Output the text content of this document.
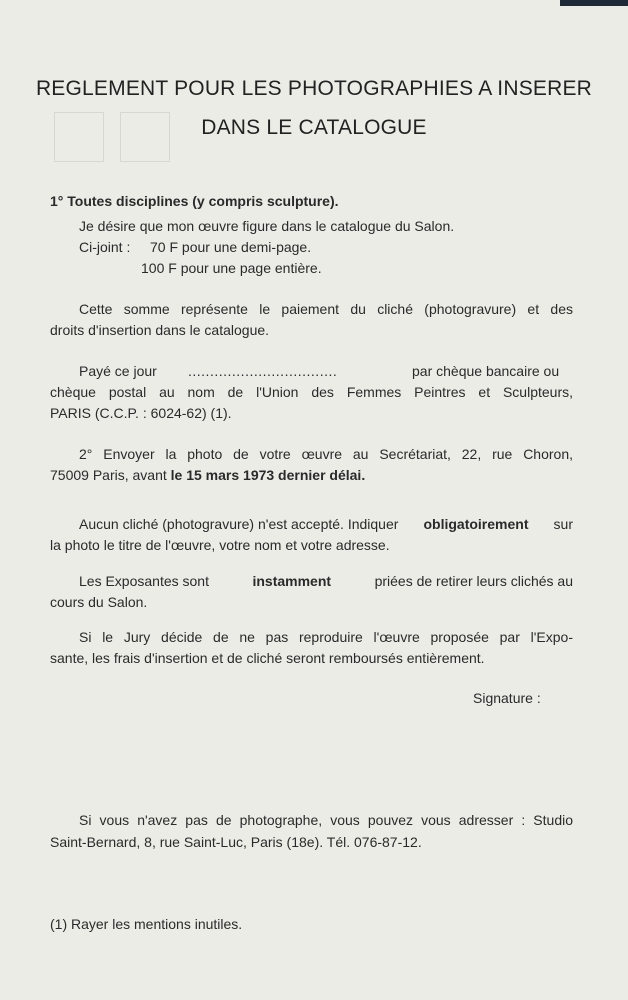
REGLEMENT POUR LES PHOTOGRAPHIES A INSERER
DANS LE CATALOGUE
1° Toutes disciplines (y compris sculpture).
Je désire que mon œuvre figure dans le catalogue du Salon.
Ci-joint : 70 F pour une demi-page.
100 F pour une page entière.
Cette somme représente le paiement du cliché (photogravure) et des
droits d'insertion dans le catalogue.
Payé ce jour ..................................	par chèque bancaire ou
chèque postal au nom de l'Union des Femmes Peintres et Sculpteurs,
PARIS (C.C.P. : 6024-62) (1).
2° Envoyer la photo de votre œuvre au Secrétariat, 22, rue Choron,
75009 Paris, avant le 15 mars 1973 dernier délai.
Aucun cliché (photogravure) n'est accepté. Indiquer obligatoirement sur
la photo le titre de l'œuvre, votre nom et votre adresse.
Les Exposantes sont	instamment	priées de retirer leurs clichés au
cours du Salon.
Si le Jury décide de ne pas reproduire l'œuvre proposée par l'Expo-
sante, les frais d'insertion et de cliché seront remboursés entièrement.
Signature :
Si vous n'avez pas de photographe, vous pouvez vous adresser : Studio
Saint-Bernard, 8, rue Saint-Luc, Paris (18e). Tél. 076-87-12.
(1) Rayer les mentions inutiles.
